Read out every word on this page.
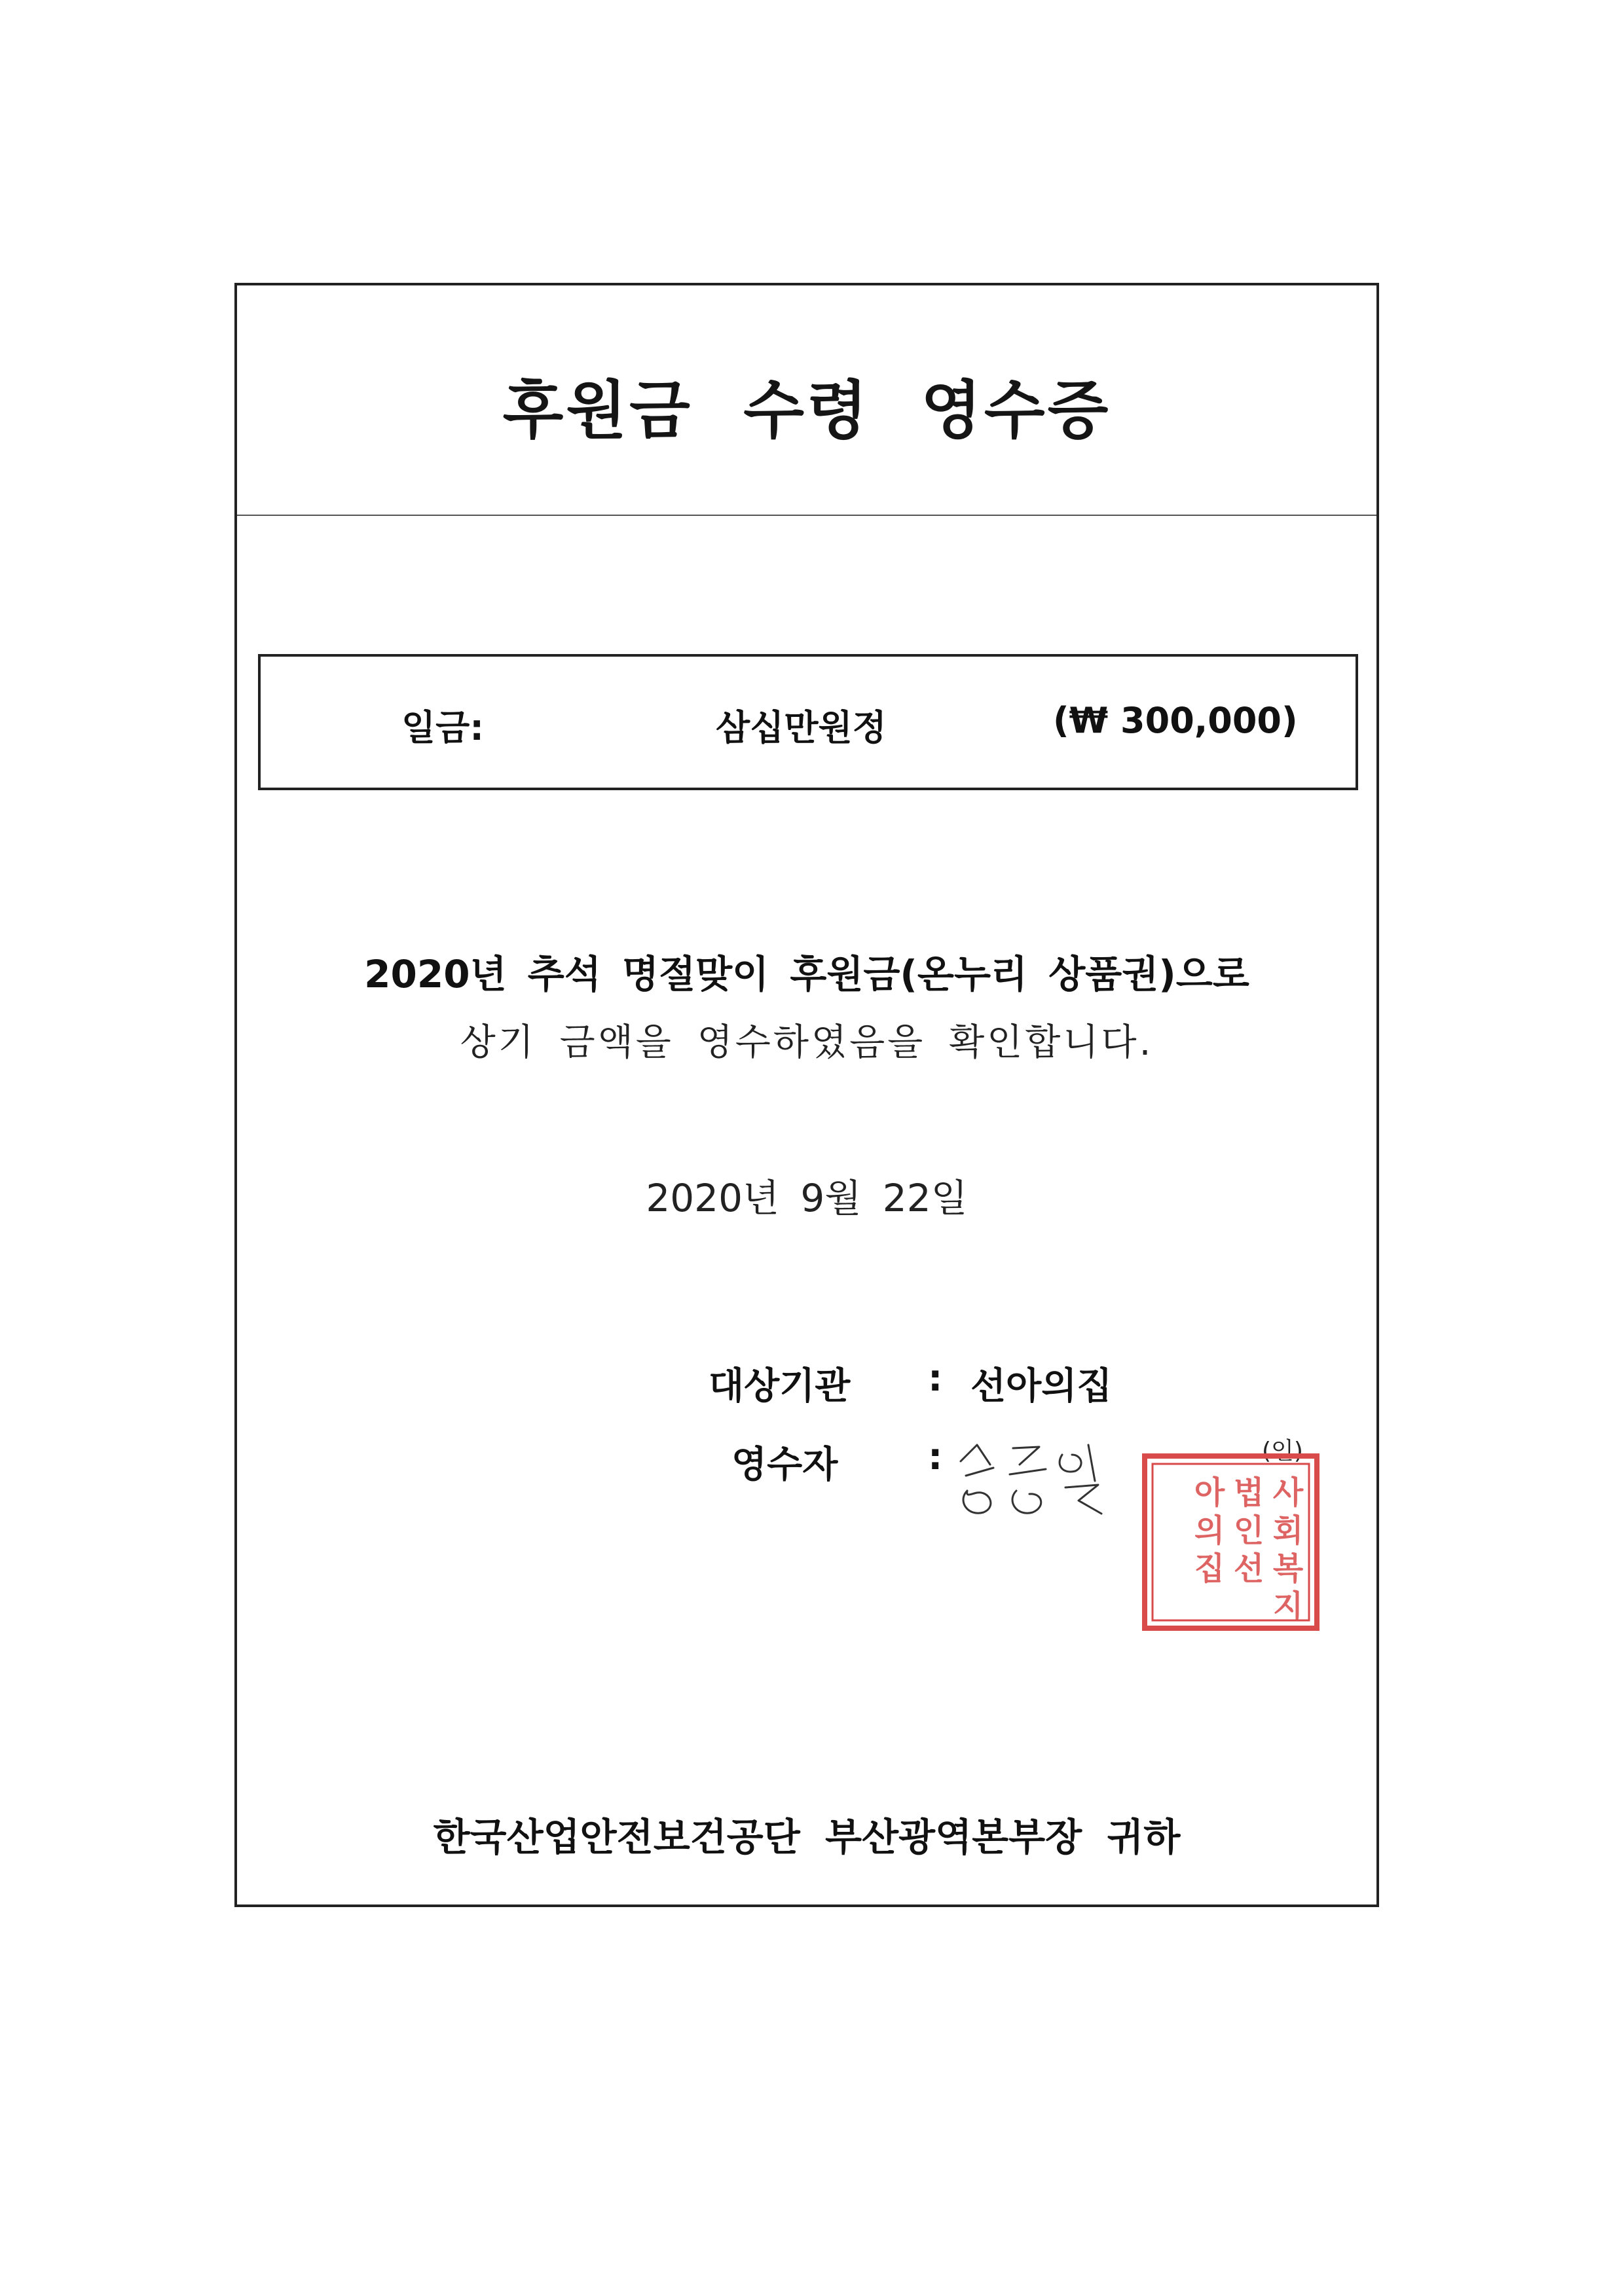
후원금 수령 영수증
일금:	삼십만원정	(₩ 300,000)
2020년 추석 명절맞이 후원금(온누리 상품권)으로
상기 금액을 영수하였음을 확인합니다.
2020년 9월 22일
대상기관 : 선아의집
영수자 :	(인)
사
회
복
지
법
인
선
아
의
집
한국산업안전보건공단 부산광역본부장 귀하
